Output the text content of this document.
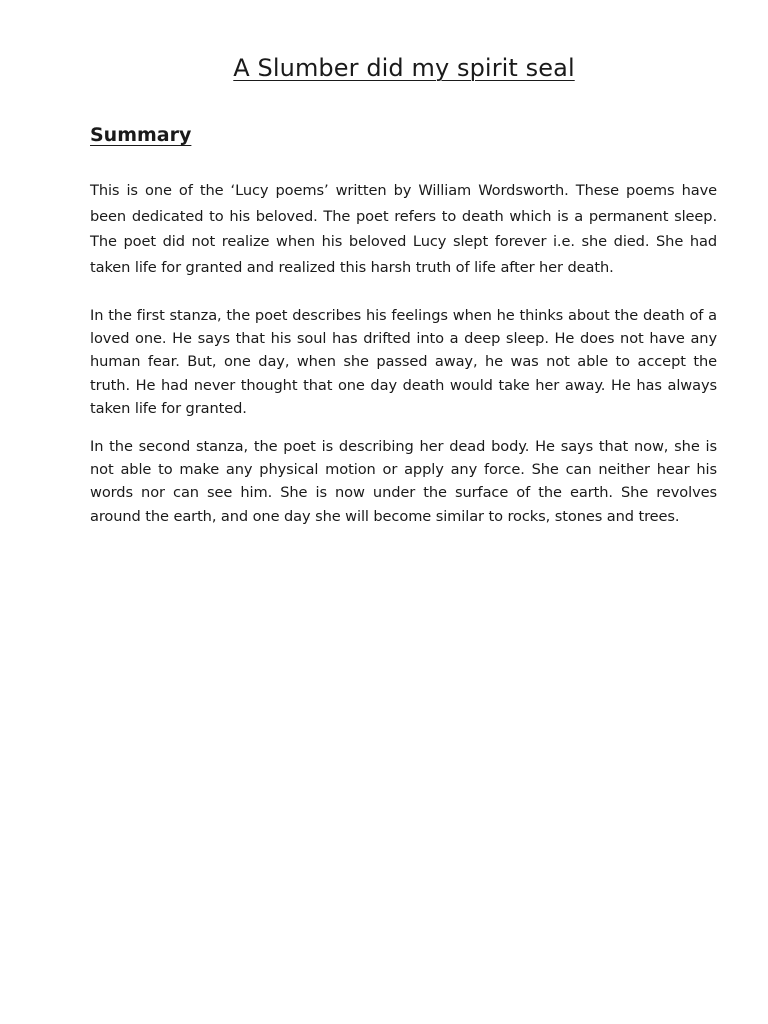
A Slumber did my spirit seal
Summary

This is one of the ‘Lucy poems’ written by William Wordsworth. These poems have been dedicated to his beloved. The poet refers to death which is a permanent sleep. The poet did not realize when his beloved Lucy slept forever i.e. she died. She had taken life for granted and realized this harsh truth of life after her death.

In the first stanza, the poet describes his feelings when he thinks about the death of a loved one. He says that his soul has drifted into a deep sleep. He does not have any human fear. But, one day, when she passed away, he was not able to accept the truth. He had never thought that one day death would take her away. He has always taken life for granted.

In the second stanza, the poet is describing her dead body. He says that now, she is not able to make any physical motion or apply any force. She can neither hear his words nor can see him. She is now under the surface of the earth. She revolves around the earth, and one day she will become similar to rocks, stones and trees.
